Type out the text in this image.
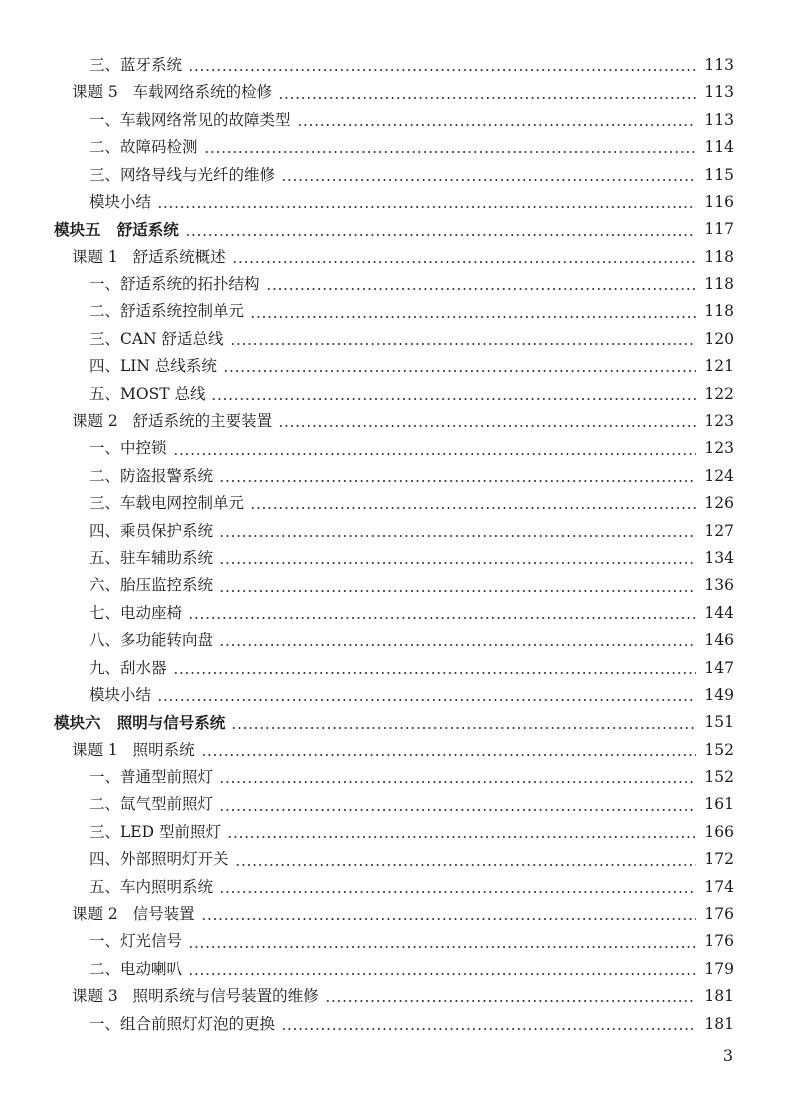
三、蓝牙系统	113
课题 5   车载网络系统的检修	113
一、车载网络常见的故障类型	113
二、故障码检测	114
三、网络导线与光纤的维修	115
模块小结	116
模块五   舒适系统	117
课题 1   舒适系统概述	118
一、舒适系统的拓扑结构	118
二、舒适系统控制单元	118
三、CAN 舒适总线	120
四、LIN 总线系统	121
五、MOST 总线	122
课题 2   舒适系统的主要装置	123
一、中控锁	123
二、防盗报警系统	124
三、车载电网控制单元	126
四、乘员保护系统	127
五、驻车辅助系统	134
六、胎压监控系统	136
七、电动座椅	144
八、多功能转向盘	146
九、刮水器	147
模块小结	149
模块六   照明与信号系统	151
课题 1   照明系统	152
一、普通型前照灯	152
二、氙气型前照灯	161
三、LED 型前照灯	166
四、外部照明灯开关	172
五、车内照明系统	174
课题 2   信号装置	176
一、灯光信号	176
二、电动喇叭	179
课题 3   照明系统与信号装置的维修	181
一、组合前照灯灯泡的更换	181
3
